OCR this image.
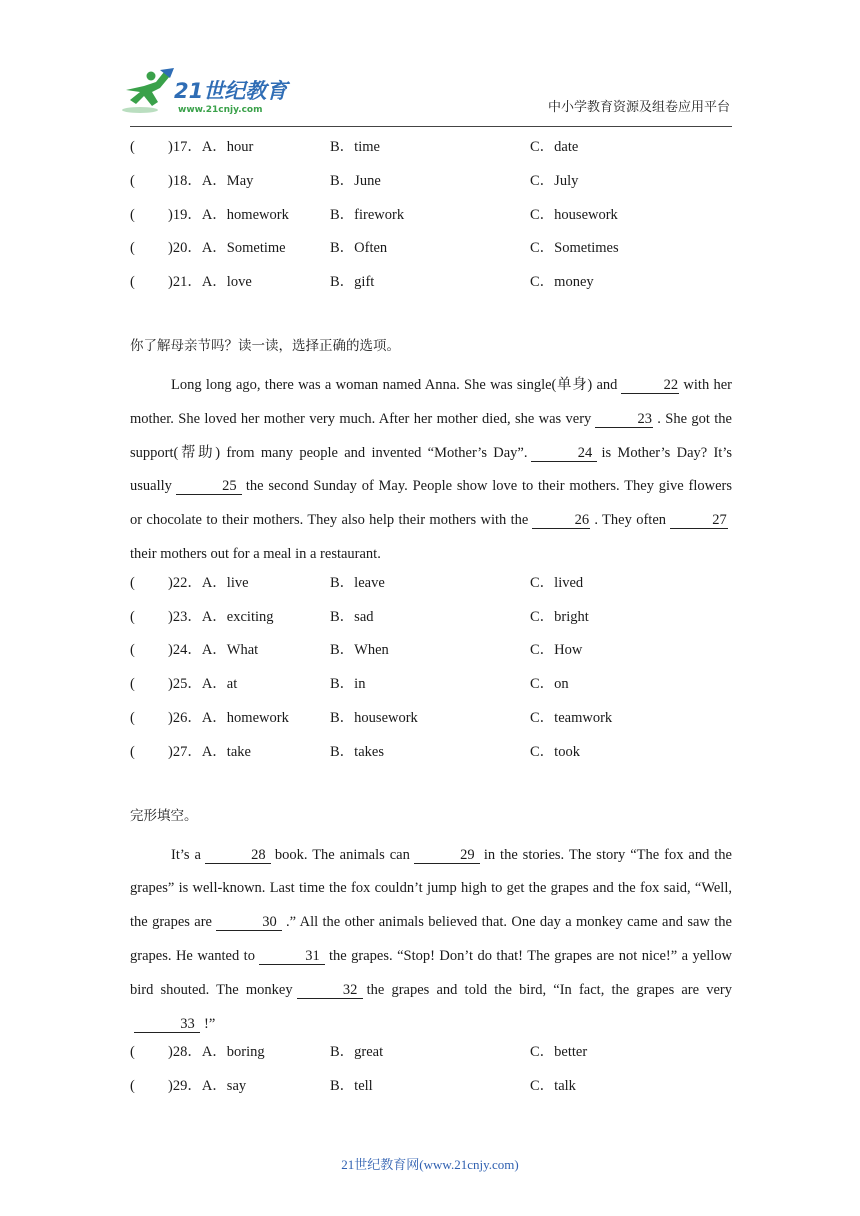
21世纪教育
www.21cnjy.com	中小学教育资源及组卷应用平台
( )17．A．hour	B．time	C．date
( )18．A．May	B．June	C．July
( )19．A．homework	B．firework	C．housework
( )20．A．Sometime	B．Often	C．Sometimes
( )21．A．love	B．gift	C．money
你了解母亲节吗？读一读，选择正确的选项。

Long long ago, there was a woman named Anna. She was single(单身) and	22 with her mother. She loved her mother very much. After her mother died, she was very	23 . She got the support(帮助) from many people and invented “Mother’s Day”.	24 is Mother’s Day? It’s usually	25 the second Sunday of May. People show love to their mothers. They give flowers or chocolate to their mothers. They also help their mothers with the	26 . They often	27their mothers out for a meal in a restaurant.

( )22．A．live	B．leave	C．lived
( )23．A．exciting	B．sad	C．bright
( )24．A．What	B．When	C．How
( )25．A．at	B．in	C．on
( )26．A．homework	B．housework	C．teamwork
( )27．A．take	B．takes	C．took
完形填空。

It’s a	28 book. The animals can	29 in the stories. The story “The fox and the grapes” is well-known. Last time the fox couldn’t jump high to get the grapes and the fox said, “Well, the grapes are	30 .” All the other animals believed that. One day a monkey came and saw the grapes. He wanted to	31 the grapes. “Stop! Don’t do that! The grapes are not nice!” a yellow bird shouted. The monkey	32 the grapes and told the bird, “In fact, the grapes are very33 !”

( )28．A．boring	B．great	C．better
( )29．A．say	B．tell	C．talk
21世纪教育网(www.21cnjy.com)
